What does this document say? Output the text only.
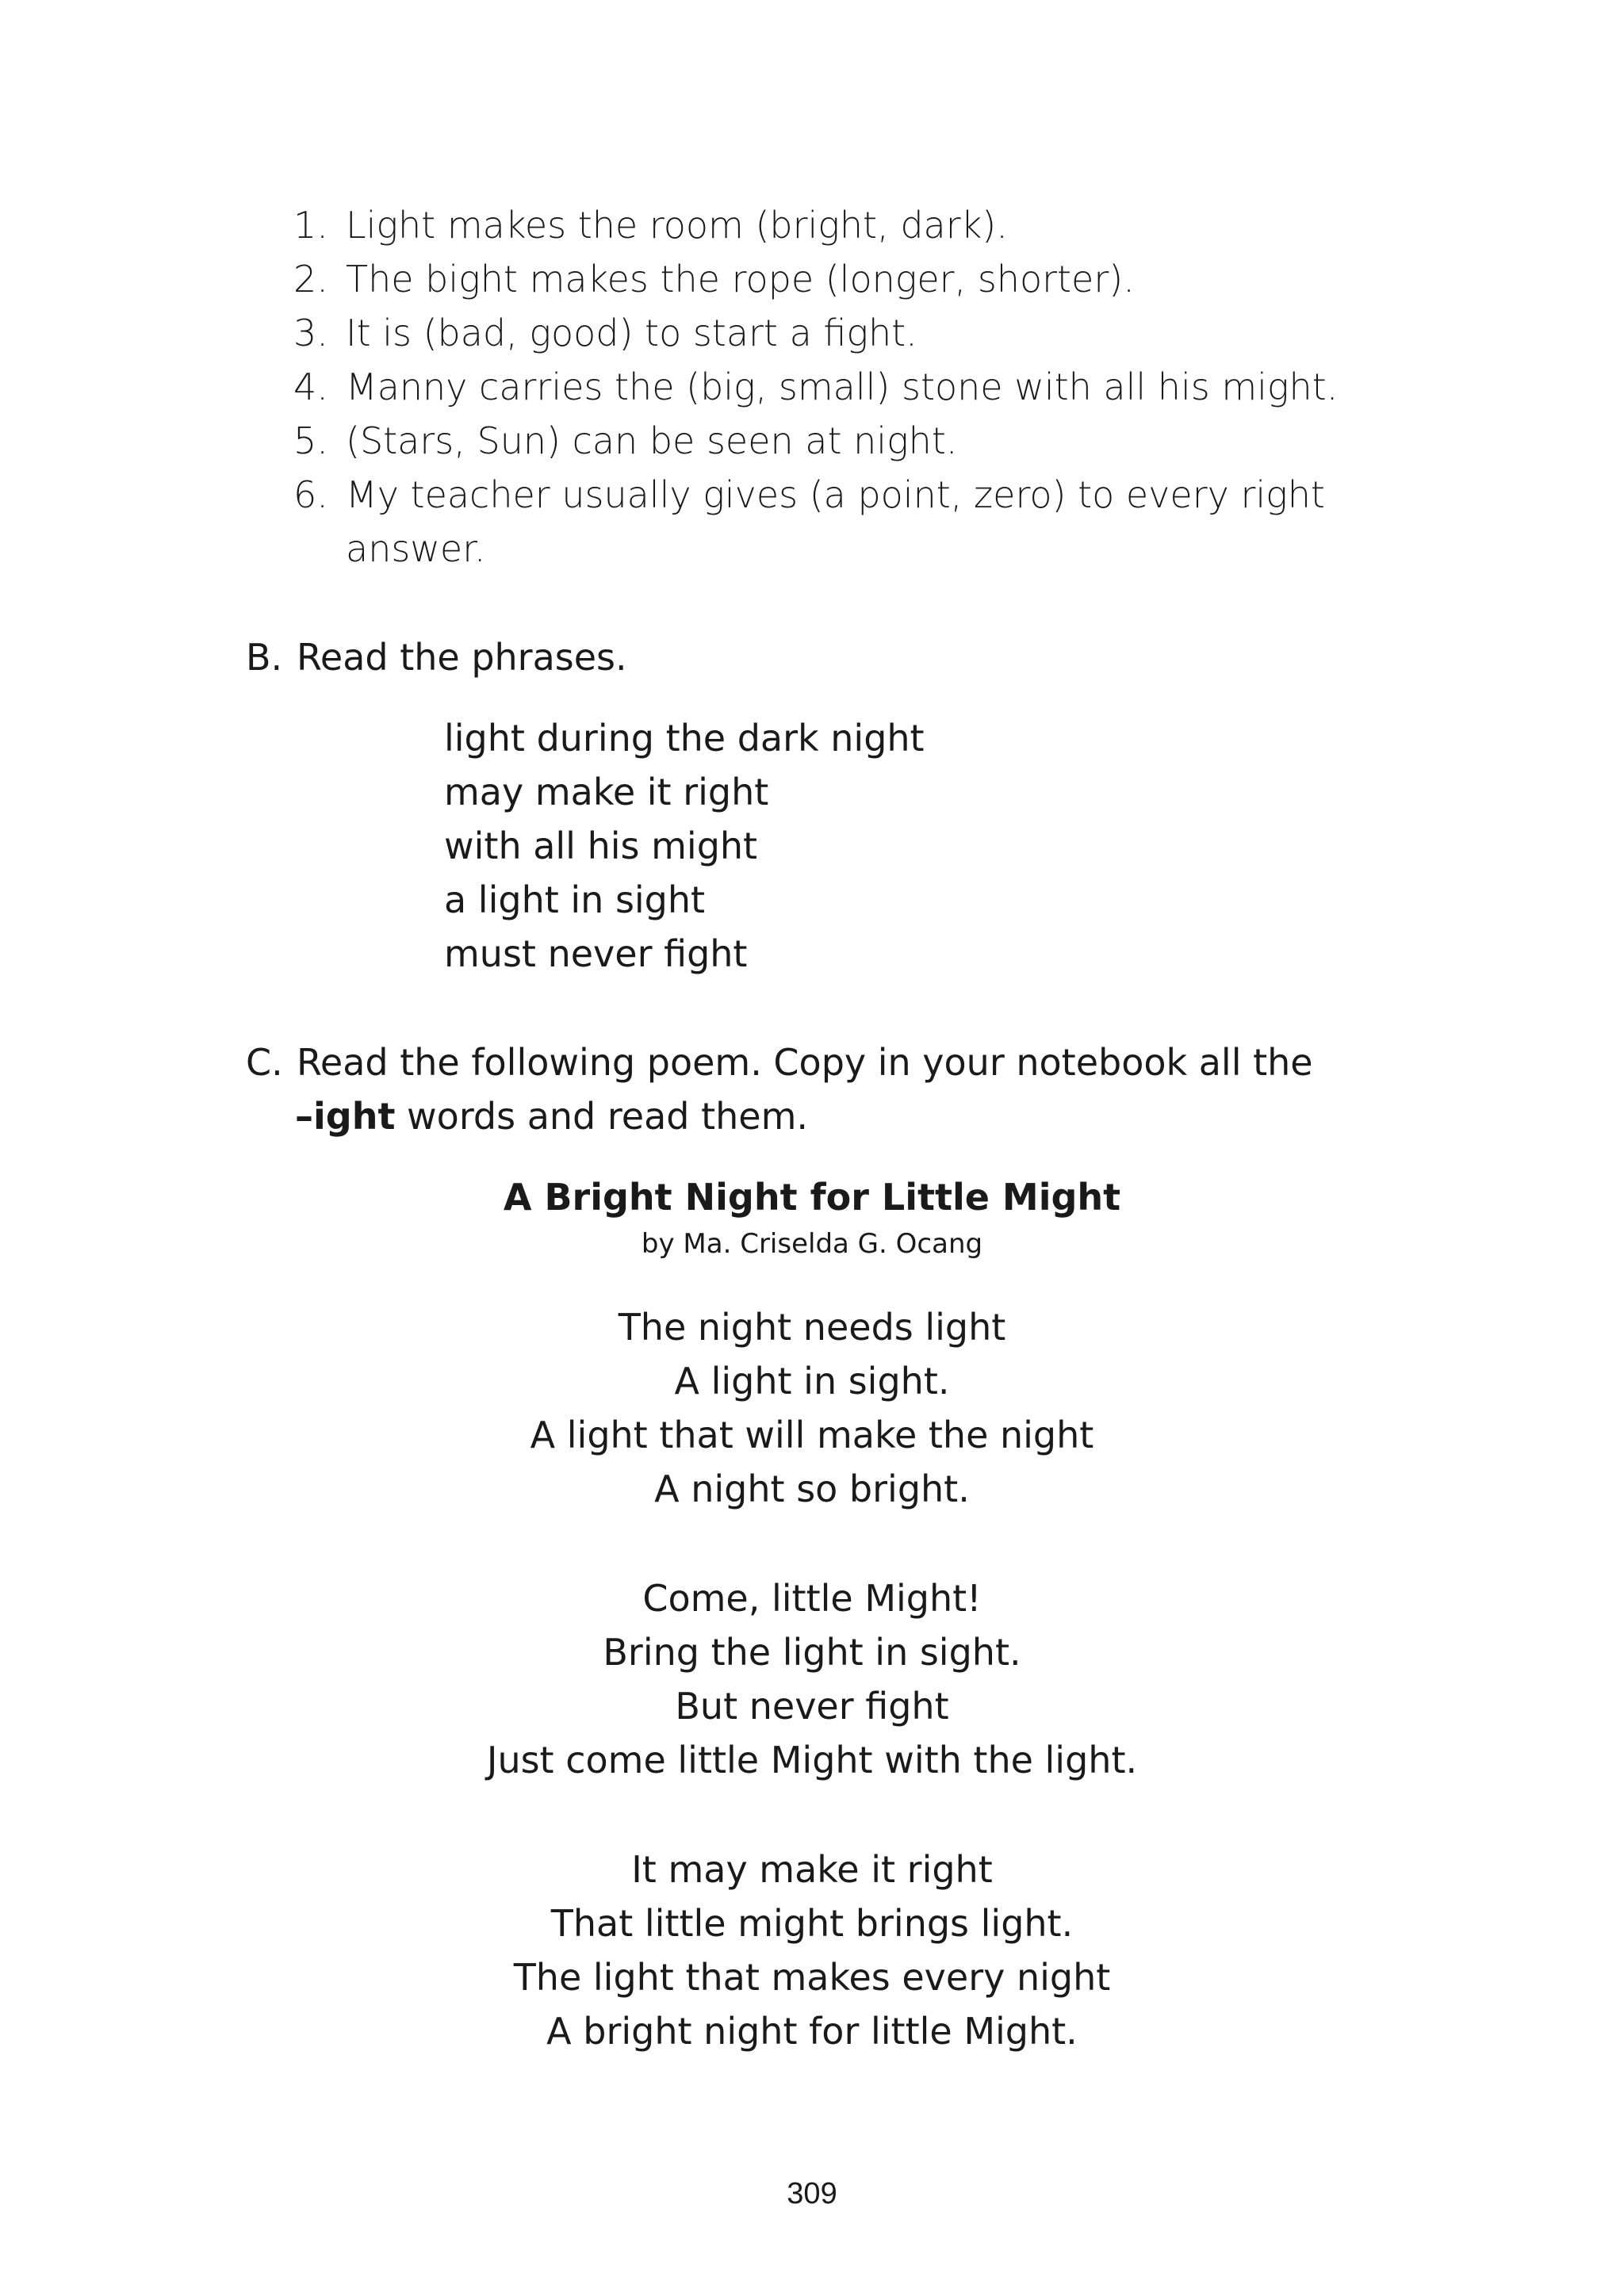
1. Light makes the room (bright, dark).
2. The bight makes the rope (longer, shorter).
3. It is (bad, good) to start a fight.
4. Manny carries the (big, small) stone with all his might.
5. (Stars, Sun) can be seen at night.
6. My teacher usually gives (a point, zero) to every right
answer.
B. Read the phrases.
light during the dark night
may make it right
with all his might
a light in sight
must never fight
C. Read the following poem. Copy in your notebook all the
–ight words and read them.
A Bright Night for Little Might
by Ma. Criselda G. Ocang
The night needs light
A light in sight.
A light that will make the night
A night so bright.
Come, little Might!
Bring the light in sight.
But never fight
Just come little Might with the light.
It may make it right
That little might brings light.
The light that makes every night
A bright night for little Might.
309
